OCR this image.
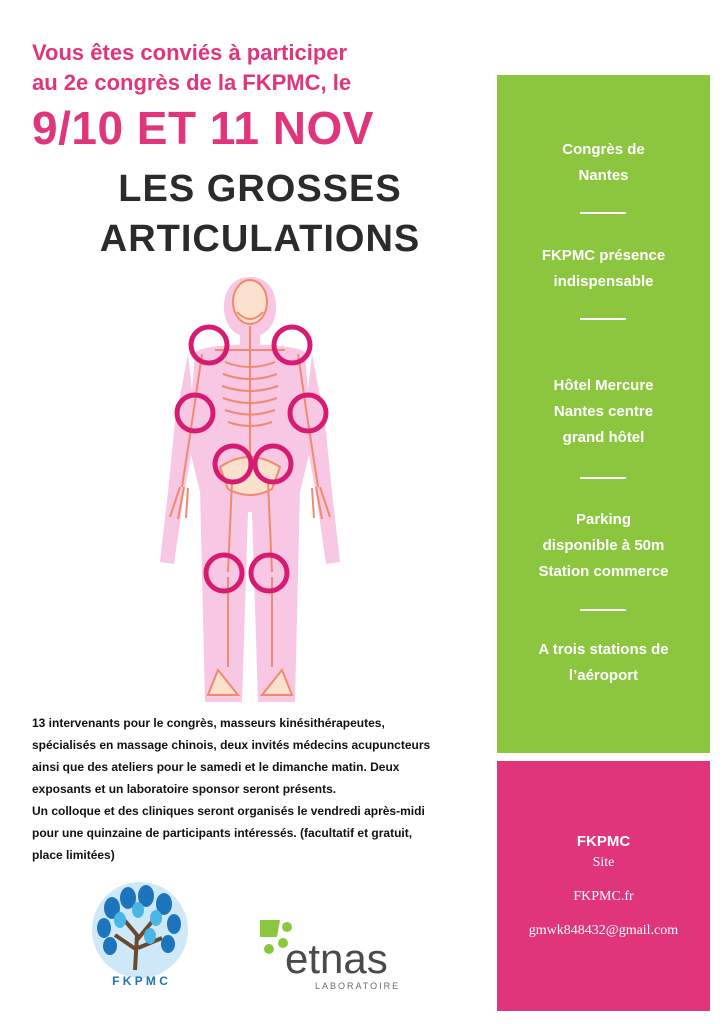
Vous êtes conviés à participer
au 2e congrès de la FKPMC, le

9/10 ET 11 NOV
LES GROSSES
ARTICULATIONS

13 intervenants pour le congrès, masseurs kinésithérapeutes,
spécialisés en massage chinois, deux invités médecins acupuncteurs
ainsi que des ateliers pour le samedi et le dimanche matin. Deux
exposants et un laboratoire sponsor seront présents.
Un colloque et des cliniques seront organisés le vendredi après-midi
pour une quinzaine de participants intéressés. (facultatif et gratuit,
place limitées)

F K P M C	etnas
LABORATOIRE
Congrès de
Nantes
FKPMC présence
indispensable
Hôtel Mercure
Nantes centre
grand hôtel
Parking
disponible à 50m
Station commerce
A trois stations de
l’aéroport
FKPMC
Site
FKPMC.fr
gmwk848432@gmail.com
